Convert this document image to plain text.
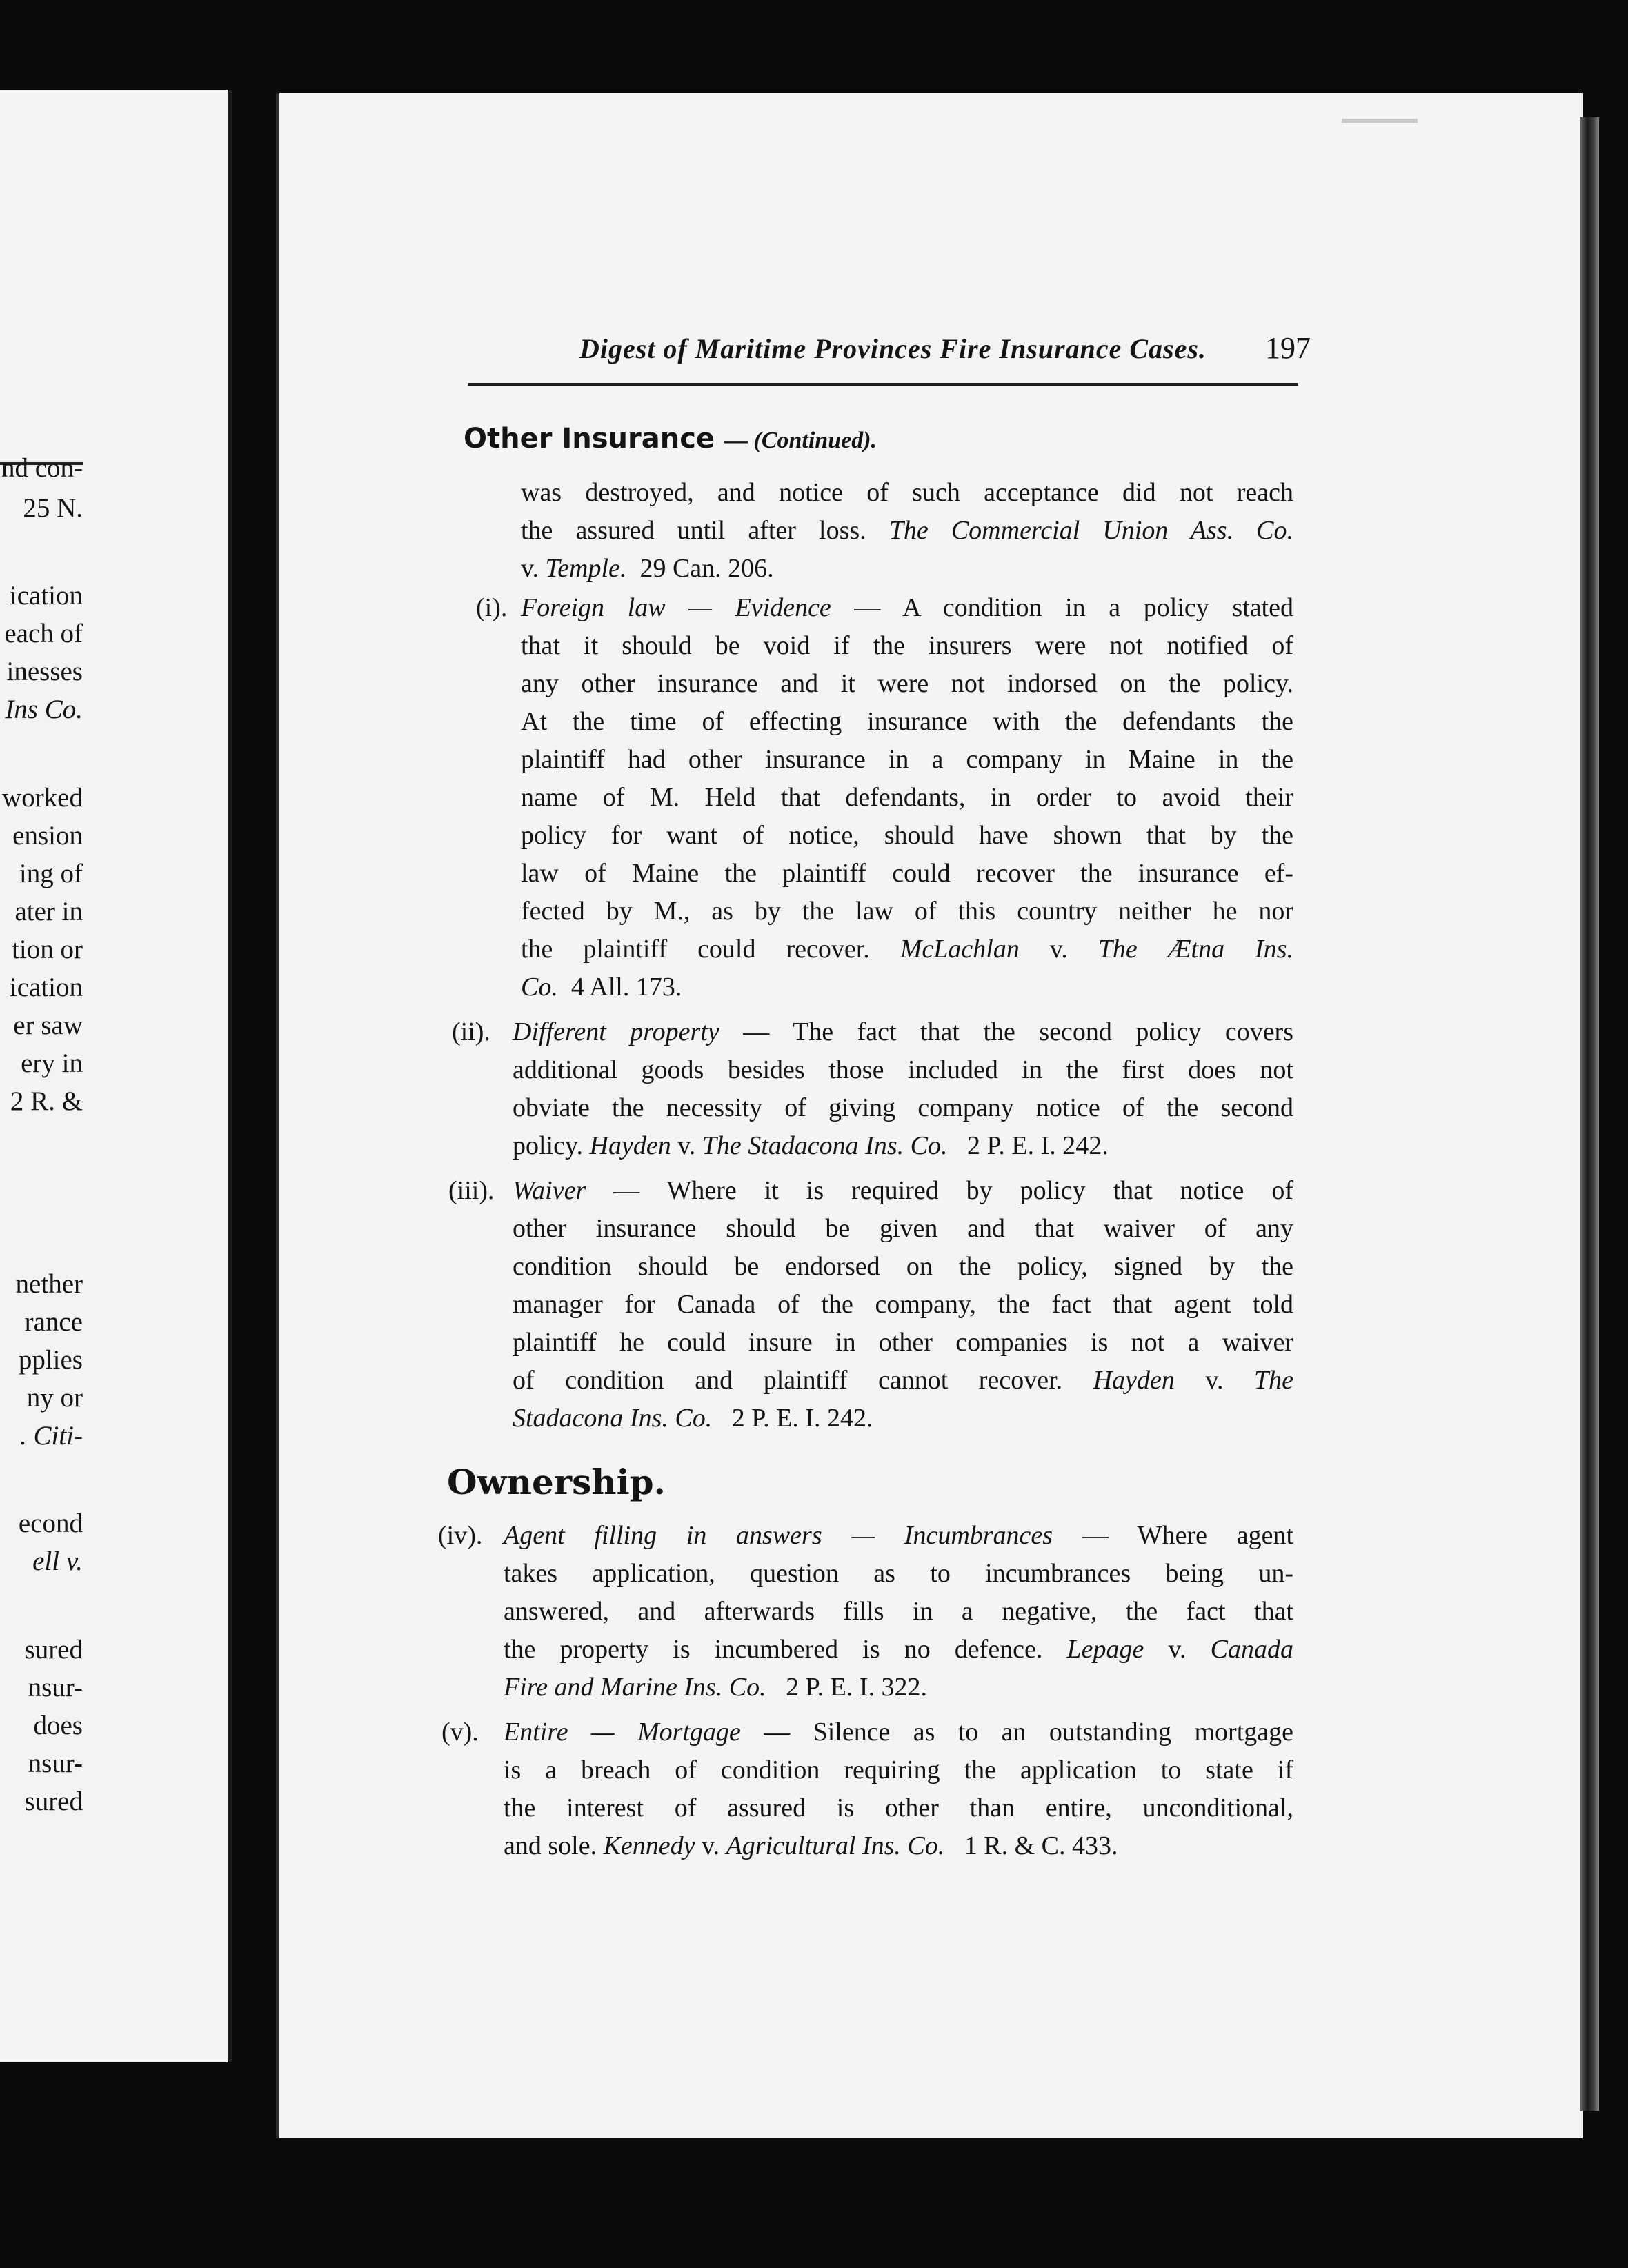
nd con-
25 N.
ication
each of
inesses
Ins Co.
worked
ension
ing of
ater in
tion or
ication
er saw
ery in
2 R. &
nether
rance
pplies
ny or
. Citi-
econd
ell v.
sured
nsur-
does
nsur-
sured
Digest of Maritime Provinces Fire Insurance Cases.	197
Other Insurance — (Continued).
Ownership.
was destroyed, and notice of such acceptance did not reach
the assured until after loss. The Commercial Union Ass. Co.
v. Temple.  29 Can. 206.
(i). Foreign law — Evidence — A condition in a policy stated
that it should be void if the insurers were not notified of
any other insurance and it were not indorsed on the policy.
At the time of effecting insurance with the defendants the
plaintiff had other insurance in a company in Maine in the
name of M. Held that defendants, in order to avoid their
policy for want of notice, should have shown that by the
law of Maine the plaintiff could recover the insurance ef-
fected by M., as by the law of this country neither he nor
the plaintiff could recover. McLachlan v. The Ætna Ins.
Co.  4 All. 173.
(ii). Different property — The fact that the second policy covers
additional goods besides those included in the first does not
obviate the necessity of giving company notice of the second
policy. Hayden v. The Stadacona Ins. Co.   2 P. E. I. 242.
(iii). Waiver — Where it is required by policy that notice of
other insurance should be given and that waiver of any
condition should be endorsed on the policy, signed by the
manager for Canada of the company, the fact that agent told
plaintiff he could insure in other companies is not a waiver
of condition and plaintiff cannot recover. Hayden v. The
Stadacona Ins. Co.   2 P. E. I. 242.
(iv). Agent filling in answers — Incumbrances — Where agent
takes application, question as to incumbrances being un-
answered, and afterwards fills in a negative, the fact that
the property is incumbered is no defence. Lepage v. Canada
Fire and Marine Ins. Co.   2 P. E. I. 322.
(v). Entire — Mortgage — Silence as to an outstanding mortgage
is a breach of condition requiring the application to state if
the interest of assured is other than entire, unconditional,
and sole. Kennedy v. Agricultural Ins. Co.   1 R. & C. 433.
